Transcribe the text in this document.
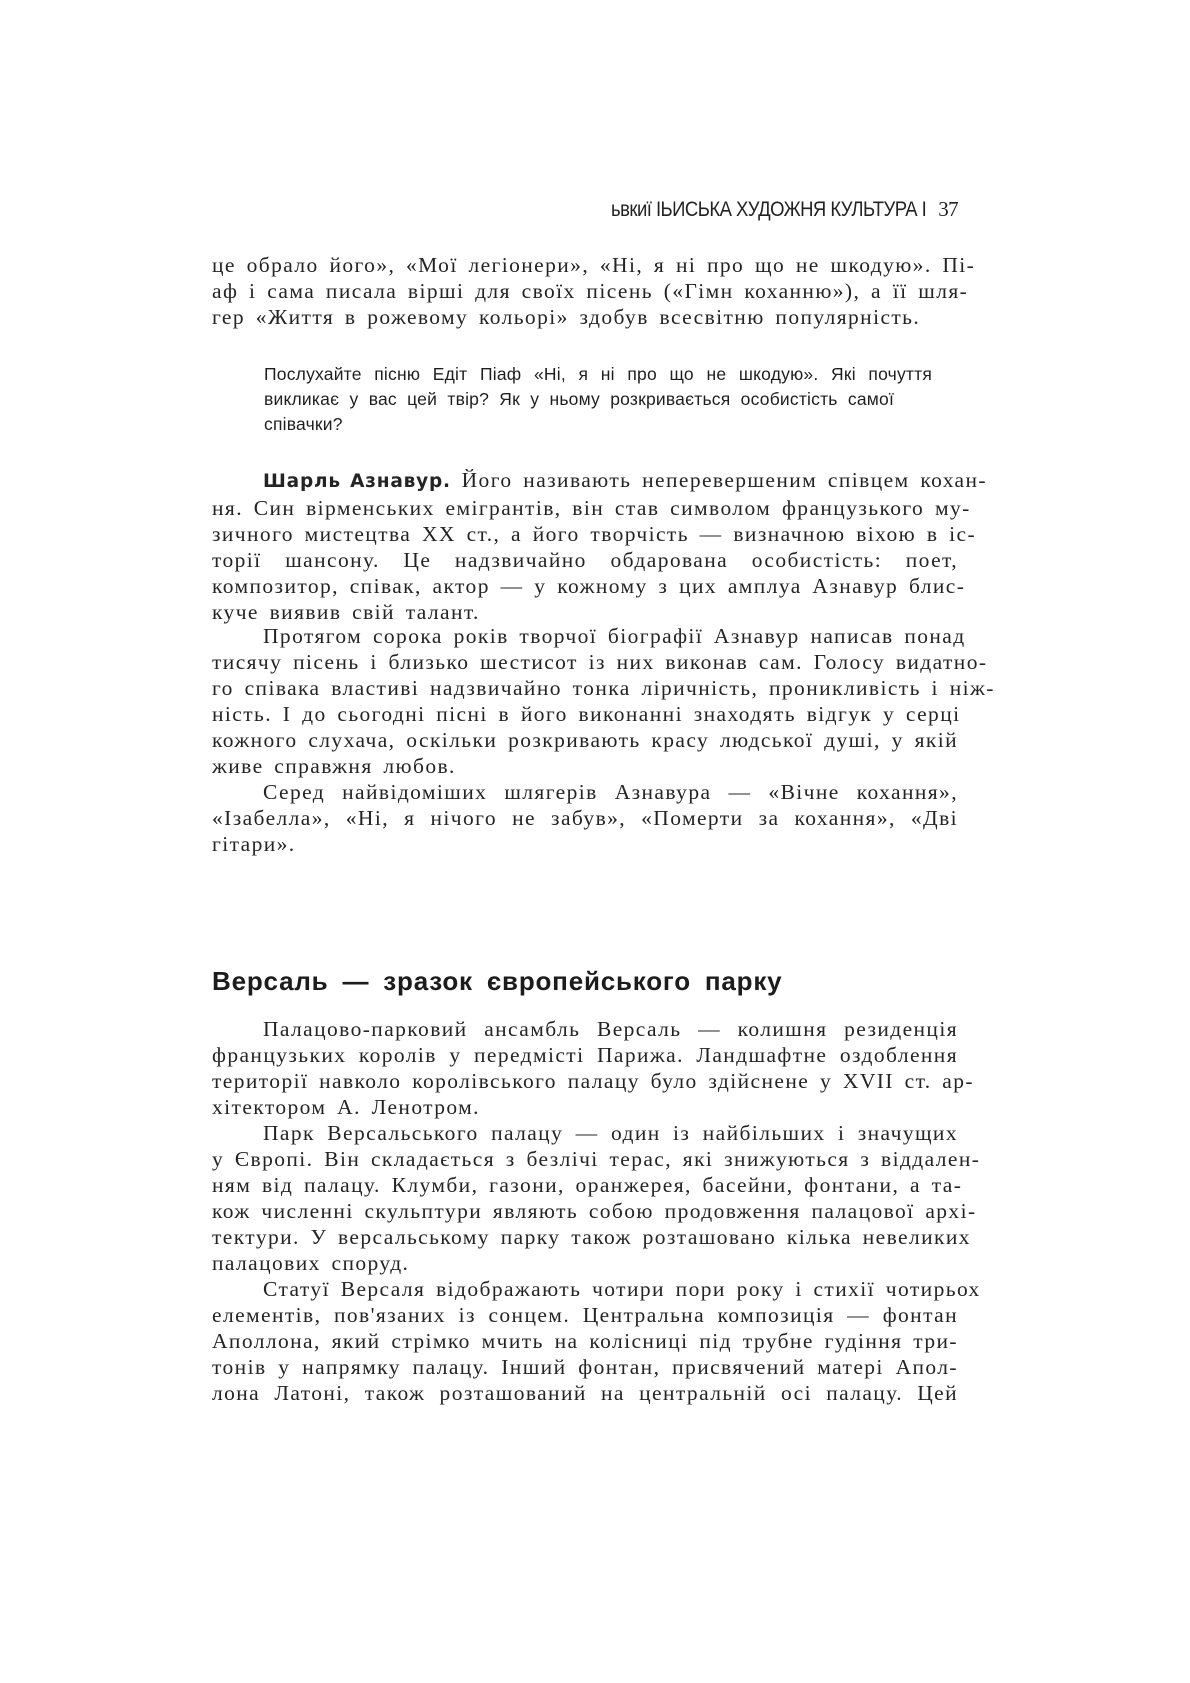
ьвкиї ІЬИСЬКА ХУДОЖНЯ КУЛЬТУРА І 37
це обрало його», «Мої легіонери», «Ні, я ні про що не шкодую». Пі-
аф і сама писала вірші для своїх пісень («Гімн коханню»), а її шля-
гер «Життя в рожевому кольорі» здобув всесвітню популярність.
Послухайте пісню Едіт Піаф «Ні, я ні про що не шкодую». Які почуття
викликає у вас цей твір? Як у ньому розкривається особистість самої
співачки?
Шарль Азнавур. Його називають неперевершеним співцем кохан-
ня. Син вірменських емігрантів, він став символом французького му-
зичного мистецтва XX ст., а його творчість — визначною віхою в іс-
торії шансону. Це надзвичайно обдарована особистість: поет,
композитор, співак, актор — у кожному з цих амплуа Азнавур блис-
куче виявив свій талант.
Протягом сорока років творчої біографії Азнавур написав понад
тисячу пісень і близько шестисот із них виконав сам. Голосу видатно-
го співака властиві надзвичайно тонка ліричність, проникливість і ніж-
ність. І до сьогодні пісні в його виконанні знаходять відгук у серці
кожного слухача, оскільки розкривають красу людської душі, у якій
живе справжня любов.
Серед найвідоміших шлягерів Азнавура — «Вічне кохання»,
«Ізабелла», «Ні, я нічого не забув», «Померти за кохання», «Дві
гітари».
Версаль — зразок європейського парку
Палацово-парковий ансамбль Версаль — колишня резиденція
французьких королів у передмісті Парижа. Ландшафтне оздоблення
території навколо королівського палацу було здійснене у XVII ст. ар-
хітектором А. Ленотром.
Парк Версальського палацу — один із найбільших і значущих
у Європі. Він складається з безлічі терас, які знижуються з віддален-
ням від палацу. Клумби, газони, оранжерея, басейни, фонтани, а та-
кож численні скульптури являють собою продовження палацової архі-
тектури. У версальському парку також розташовано кілька невеликих
палацових споруд.
Статуї Версаля відображають чотири пори року і стихії чотирьох
елементів, пов'язаних із сонцем. Центральна композиція — фонтан
Аполлона, який стрімко мчить на колісниці під трубне гудіння три-
тонів у напрямку палацу. Інший фонтан, присвячений матері Апол-
лона Латоні, також розташований на центральній осі палацу. Цей
